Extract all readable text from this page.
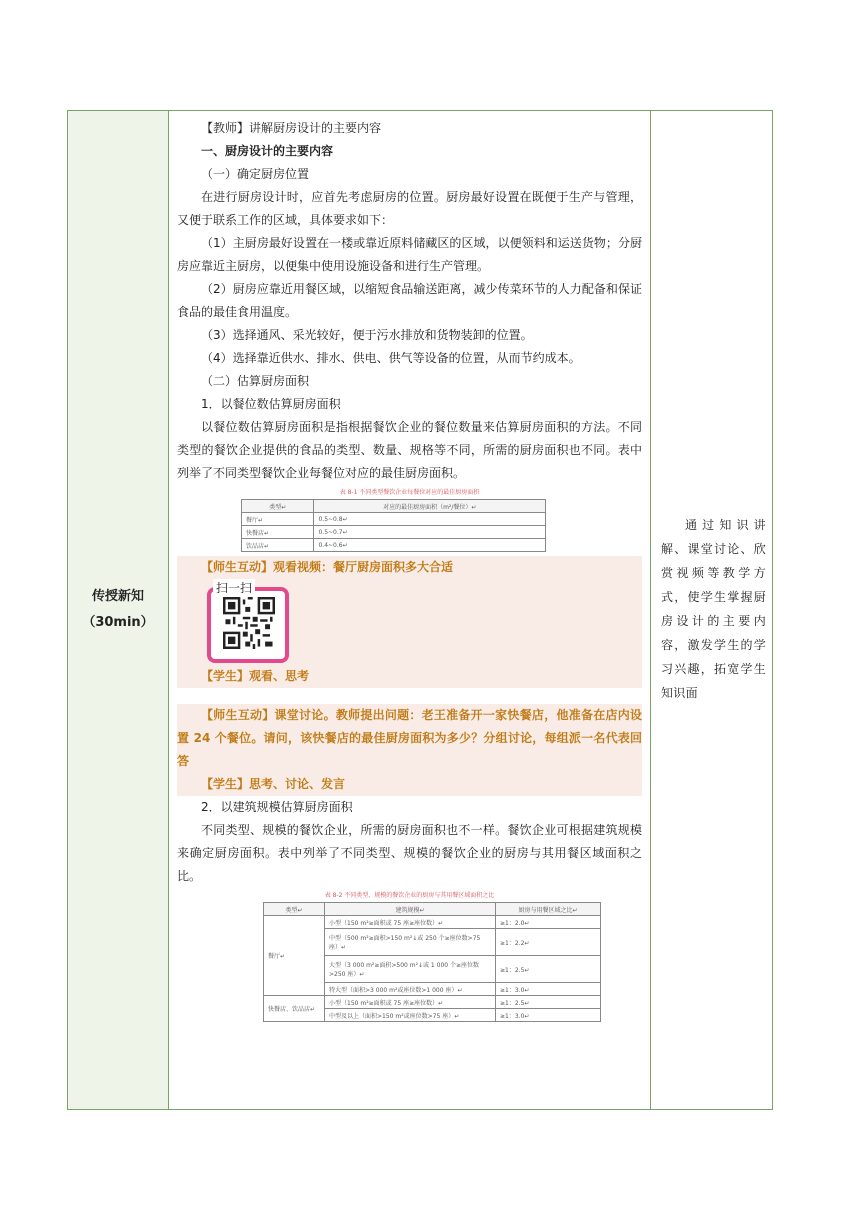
传授新知
（30min）

【教师】讲解厨房设计的主要内容

一、厨房设计的主要内容

（一）确定厨房位置

在进行厨房设计时，应首先考虑厨房的位置。厨房最好设置在既便于生产与管理，又便于联系工作的区域，具体要求如下：

（1）主厨房最好设置在一楼或靠近原料储藏区的区域，以便领料和运送货物；分厨房应靠近主厨房，以便集中使用设施设备和进行生产管理。

（2）厨房应靠近用餐区域，以缩短食品输送距离，减少传菜环节的人力配备和保证食品的最佳食用温度。

（3）选择通风、采光较好，便于污水排放和货物装卸的位置。

（4）选择靠近供水、排水、供电、供气等设备的位置，从而节约成本。

（二）估算厨房面积

1．以餐位数估算厨房面积

以餐位数估算厨房面积是指根据餐饮企业的餐位数量来估算厨房面积的方法。不同类型的餐饮企业提供的食品的类型、数量、规格等不同，所需的厨房面积也不同。表中列举了不同类型餐饮企业每餐位对应的最佳厨房面积。

表 8-1 不同类型餐饮企业每餐位对应的最佳厨房面积
类型↵	对应的最佳厨房面积（m²/餐位）↵
餐厅↵	0.5~0.8↵
快餐店↵	0.5~0.7↵
饮品店↵	0.4~0.6↵

【师生互动】观看视频：餐厅厨房面积多大合适

扫一扫

【学生】观看、思考

【师生互动】课堂讨论。教师提出问题：老王准备开一家快餐店，他准备在店内设置 24 个餐位。请问，该快餐店的最佳厨房面积为多少？分组讨论，每组派一名代表回答

【学生】思考、讨论、发言

2．以建筑规模估算厨房面积

不同类型、规模的餐饮企业，所需的厨房面积也不一样。餐饮企业可根据建筑规模来确定厨房面积。表中列举了不同类型、规模的餐饮企业的厨房与其用餐区域面积之比。

表 8-2 不同类型、规模的餐饮企业的厨房与其用餐区域面积之比
类型↵	建筑规模↵	厨房与用餐区域之比↵
餐厅↵	小型（150 m²≥面积或 75 座≥座位数）↵	≥1：2.0↵
	中型（500 m²≥面积>150 m²↓或 250 个≥座位数>75 座）↵	≥1：2.2↵
	大型（3 000 m²≥面积>500 m²↓或 1 000 个≥座位数>250 座）↵	≥1：2.5↵
	特大型（面积>3 000 m²或座位数>1 000 座）↵	≥1：3.0↵
快餐店、饮品店↵	小型（150 m²≥面积或 75 座≥座位数）↵	≥1：2.5↵
	中型及以上（面积>150 m²或座位数>75 座）↵	≥1：3.0↵

通过知识讲解、课堂讨论、欣赏视频等教学方式，使学生掌握厨房设计的主要内容，激发学生的学习兴趣，拓宽学生知识面
